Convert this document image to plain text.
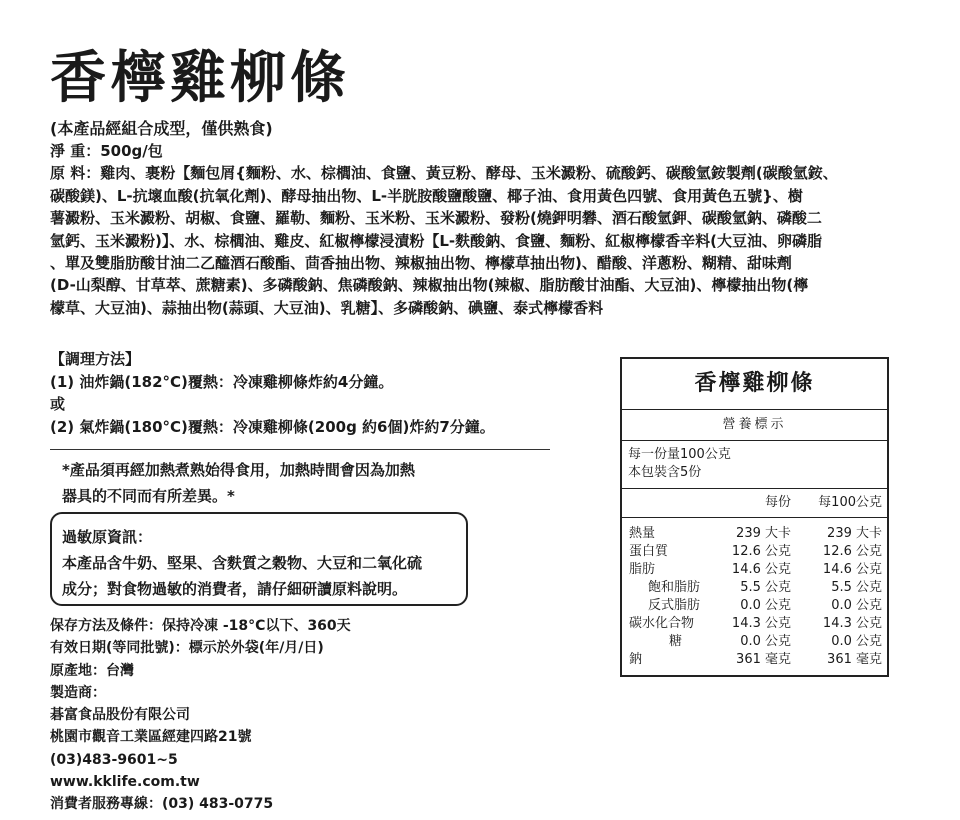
香檸雞柳條
(本產品經組合成型，僅供熟食)
淨 重：500g/包
原 料：雞肉、裹粉【麵包屑{麵粉、水、棕櫚油、食鹽、黃豆粉、酵母、玉米澱粉、硫酸鈣、碳酸氫銨製劑(碳酸氫銨、
碳酸鎂)、L-抗壞血酸(抗氧化劑)、酵母抽出物、L-半胱胺酸鹽酸鹽、椰子油、食用黃色四號、食用黃色五號}、樹
薯澱粉、玉米澱粉、胡椒、食鹽、羅勒、麵粉、玉米粉、玉米澱粉、發粉(燒鉀明礬、酒石酸氫鉀、碳酸氫鈉、磷酸二
氫鈣、玉米澱粉)】、水、棕櫚油、雞皮、紅椒檸檬浸漬粉【L-麩酸鈉、食鹽、麵粉、紅椒檸檬香辛料(大豆油、卵磷脂
、單及雙脂肪酸甘油二乙醯酒石酸酯、茴香抽出物、辣椒抽出物、檸檬草抽出物)、醋酸、洋蔥粉、糊精、甜味劑
(D-山梨醇、甘草萃、蔗糖素)、多磷酸鈉、焦磷酸鈉、辣椒抽出物(辣椒、脂肪酸甘油酯、大豆油)、檸檬抽出物(檸
檬草、大豆油)、蒜抽出物(蒜頭、大豆油)、乳糖】、多磷酸鈉、碘鹽、泰式檸檬香料
【調理方法】
(1) 油炸鍋(182°C)覆熱：冷凍雞柳條炸約4分鐘。
或
(2) 氣炸鍋(180°C)覆熱：冷凍雞柳條(200g 約6個)炸約7分鐘。
*產品須再經加熱煮熟始得食用，加熱時間會因為加熱
器具的不同而有所差異。*
過敏原資訊：
本產品含牛奶、堅果、含麩質之穀物、大豆和二氧化硫
成分；對食物過敏的消費者，請仔細研讀原料說明。
保存方法及條件：保持冷凍 -18°C以下、360天
有效日期(等同批號)：標示於外袋(年/月/日)
原產地：台灣
製造商：
碁富食品股份有限公司
桃園市觀音工業區經建四路21號
(03)483-9601~5
www.kklife.com.tw
消費者服務專線：(03) 483-0775
香檸雞柳條
營養標示
每一份量100公克
本包裝含5份
每份 每100公克
熱量	239 大卡	239 大卡
蛋白質	12.6 公克 12.6 公克
脂肪	14.6 公克 14.6 公克
飽和脂肪	5.5 公克	5.5 公克
反式脂肪	0.0 公克	0.0 公克
碳水化合物	14.3 公克 14.3 公克
糖	0.0 公克	0.0 公克
鈉	361 毫克	361 毫克
